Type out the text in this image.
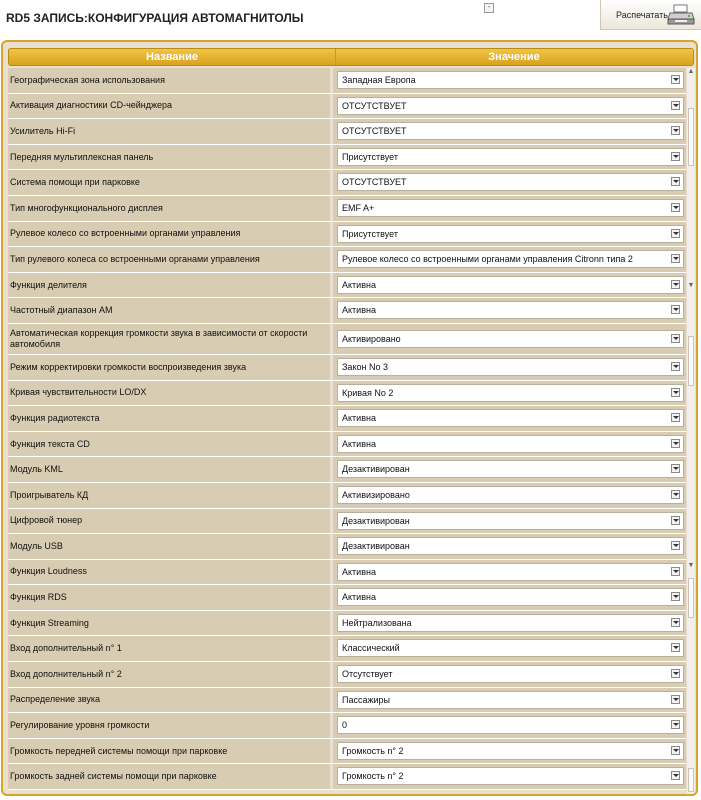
RD5 ЗАПИСЬ:КОНФИГУРАЦИЯ АВТОМАГНИТОЛЫ
-
Распечатать
Название	Значение
Географическая зона использования	Западная Европа
Активация диагностики CD-чейнджера	ОТСУТСТВУЕТ
Усилитель Hi-Fi	ОТСУТСТВУЕТ
Передняя мультиплексная панель	Присутствует
Система помощи при парковке	ОТСУТСТВУЕТ
Тип многофункционального дисплея	EMF A+
Рулевое колесо со встроенными органами управления	Присутствует
Тип рулевого колеса со встроенными органами управления	Рулевое колесо со встроенными органами управления Citronn типа 2
Функция делителя	Активна
Частотный диапазон AM	Активна
Автоматическая коррекция громкости звука в зависимости от скорости автомобиля	Активировано
Режим корректировки громкости воспроизведения звука	Закон No 3
Кривая чувствительности LO/DX	Кривая No 2
Функция радиотекста	Активна
Функция текста CD	Активна
Модуль KML	Дезактивирован
Проигрыватель КД	Активизировано
Цифровой тюнер	Дезактивирован
Модуль USB	Дезактивирован
Функция Loudness	Активна
Функция RDS	Активна
Функция Streaming	Нейтрализована
Вход дополнительный n° 1	Классический
Вход дополнительный n° 2	Отсутствует
Распределение звука	Пассажиры
Регулирование уровня громкости	0
Громкость передней системы помощи при парковке	Громкость n° 2
Громкость задней системы помощи при парковке	Громкость n° 2
▲
▼
▼
